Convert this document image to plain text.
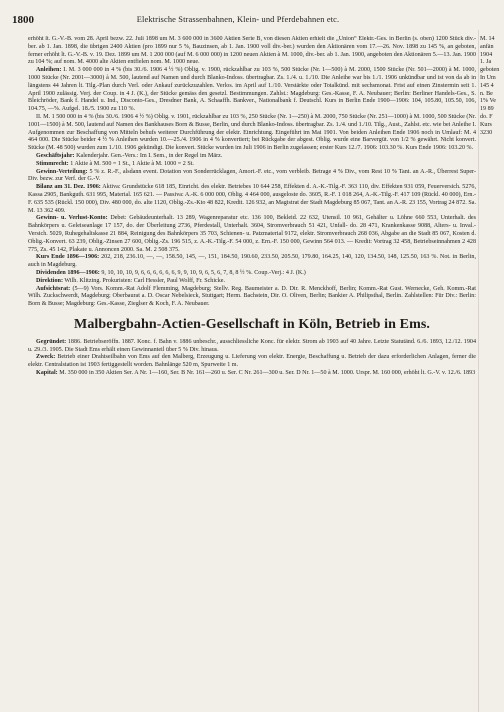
1800	Elektrische Strassenbahnen, Klein- und Pferdebahnen etc.

erhöht lt. G.-V.-B. vom 28. April bezw. 22. Juli 1898 um M. 3 600 000 in 3600 Aktien Serie B, von diesen Aktien erhielt die „Union“ Elektr.-Ges. in Berlin (s. oben) 1200 Stück div.-ber. ab 1. Jan. 1898, die übrigen 2400 Aktien (pro 1899 nur 5 %, Bauzinsen, ab 1. Jan. 1900 voll div.-ber.) wurden den Aktionären vom 17.—26. Nov. 1898 zu 145 %, an geboten, ferner erhöht lt. G.-V.-B. v. 19. Dez. 1899 um M. 1 200 000 (auf M. 6 000 000) in 1200 neuen Aktien à M. 1000, div.-ber. ab 1. Jan. 1900, angeboten den Aktionären 5.—13. Jan. 1900 zu 104 %; auf nom. M. 4000 alte Aktien entfielen nom. M. 1000 neue.

Anleihen: I. M. 3 000 000 in 4 % (bis 30./6. 1906 4 ½ %) Oblig. v. 1900, rückzahlbar zu 103 %, 500 Stücke (Nr. 1—500) à M. 2000, 1500 Stücke (Nr. 501—2000) à M. 1000, 1000 Stücke (Nr. 2001—3000) à M. 500, lautend auf Namen und durch Blanko-Indoss. übertragbar. Zs. 1./4. u. 1./10. Die Anleihe war bis 1./1. 1906 unkündbar und ist von da ab in längstens 44 Jahren lt. Tilg.-Plan durch Verl. oder Ankauf zurückzuzahlen. Verlos. im April auf 1./10. Verstärkte oder Totalkünd. mit sechsmonat. Frist auf einen Zinstermin seit 1. April 1900 zulässig. Verj. der Coup. in 4 J. (K.), der Stücke gemäss den gesetzl. Bestimmungen. Zahlst.: Magdeburg: Ges.-Kasse, F. A. Neubauer; Berlin: Berliner Handels-Ges., S. Bleichröder, Bank f. Handel u. Ind., Disconto-Ges., Dresdner Bank, A. Schaaffh. Bankver., Nationalbank f. Deutschl. Kurs in Berlin Ende 1900—1906: 104, 105.80, 105.50, 106, 104.75, —%. Aufgel. 18./5. 1900 zu 110 %.

II. M. 1 500 000 in 4 % (bis 30./6. 1906 4 ½ %) Oblig. v. 1901, rückzahlbar zu 103 %, 250 Stücke (Nr. 1—250) à M. 2000, 750 Stücke (Nr. 251—1000) à M. 1000, 500 Stücke (Nr. 1001—1500) à M. 500, lautend auf Namen des Bankhauses Born & Busse, Berlin, und durch Blanko-Indoss. übertragbar. Zs. 1./4. und 1./10. Tilg., Aust., Zahlst. etc. wie bei Anleihe I. Aufgenommen zur Beschaffung von Mitteln behufs weiterer Durchführung der elektr. Einrichtung. Eingeführt im Mai 1901. Von beiden Anleihen Ende 1906 noch in Umlauf: M. 4 464 000. Die Stücke beider 4 ½ % Anleihen wurden 10.—25./4. 1906 in 4 % konvertiert; bei Rückgabe der abgest. Oblig. wurde eine Barvergüt. von 1/2 % gewährt. Nicht konvert. Stücke (M. 48 500) wurden zum 1./10. 1906 gekündigt. Die konvert. Stücke wurden im Juli 1906 in Berlin zugelassen; erster Kurs 12./7. 1906: 103.30 %. Kurs Ende 1906: 103.20 %.

Geschäftsjahr: Kalenderjahr. Gen.-Vers.: Im I. Sem., in der Regel im März.

Stimmrecht: 1 Aktie à M. 500 = 1 St., 1 Aktie à M. 1000 = 2 St.

Gewinn-Verteilung: 5 % z. R.-F., alsdann event. Dotation von Sonderrücklagen, Amort.-F. etc., vom verbleib. Betrage 4 % Div., vom Rest 10 % Tant. an A.-R., Überrest Super-Div. bezw. zur Verf. der G.-V.

Bilanz am 31. Dez. 1906: Aktiva: Grundstücke 618 185, Einricht. des elektr. Betriebes 10 644 258, Effekten d. A.-K.-Tilg.-F. 363 110, div. Effekten 931 059, Feuerversich. 5276, Kassa 2905, Bankguth. 631 995, Material. 165 621. — Passiva: A.-K. 6 000 000, Oblig. 4 464 000, ausgeloste do. 3605, R.-F. 1 018 264, A.-K.-Tilg.-F. 417 109 (Rückl. 40 000), Ern.-F. 635 535 (Rückl. 150 000), Div. 480 000, do. alte 1120, Oblig.-Zs.-Kto 48 822, Kredit. 126 932, an Magistrat der Stadt Magdeburg 85 067, Tant. an A.-R. 23 155, Vortrag 24 872. Sa. M. 13 362 409.

Gewinn- u. Verlust-Konto: Debet: Gebäudeunterhalt. 13 289, Wagenreparatur etc. 136 100, Bekleid. 22 632, Utensil. 10 961, Gehälter u. Löhne 660 553, Unterhalt. des Bahnkörpers u. Geleiseanlage 17 157, do. der Überleitung 2736, Pferdestall, Unterhalt. 3604, Stromverbrauch 51 421, Unfall- do. 28 471, Krankenkasse 9088, Alters- u. Inval.-Versich. 5029, Ruhegehaltskasse 21 884, Reinigung des Bahnkörpers 35 703, Schienen- u. Patzmaterial 9172, elektr. Stromverbrauch 268 036, Abgabe an die Stadt 85 067, Kosten d. Oblig.-Konvert. 63 239, Oblig.-Zinsen 27 600, Oblig.-Zs. 196 515, z. A.-K.-Tilg.-F. 54 000, z. Ern.-F. 150 000, Gewinn 564 013. — Kredit: Vortrag 32 458, Betriebseinnahmen 2 428 775, Zs. 45 142, Plakate u. Annoncen 2000. Sa. M. 2 508 375.

Kurs Ende 1896—1906: 202, 218, 236.10, —, —, 158.50, 145, —, 151, 184.50, 190.60, 233.50, 205.50, 179.80, 164.25, 140, 120, 134.50, 148, 125.50, 163 %. Not. in Berlin, auch in Magdeburg.

Dividenden 1896—1906: 9, 10, 10, 10, 9, 6, 6, 6, 6, 6, 6, 9, 9, 10, 9, 6, 5, 6, 7, 8, 8 ½ %. Coup.-Verj.: 4 J. (K.)

Direktion: Wilh. Klitzing. Prokuristen: Carl Hessler, Paul Wolff, Fr. Schicke.

Aufsichtsrat: (5—9) Vors. Komm.-Rat Adolf Flemming, Magdeburg; Stellv. Reg. Baumeister a. D. Dir. R. Menckhoff, Berlin; Komm.-Rat Gust. Wernecke, Geh. Komm.-Rat Wilh. Zuckschwerdt, Magdeburg; Oberbaurat a. D. Oscar Nebelsieck, Stuttgart; Herm. Bachstein, Dir. O. Oliven, Berlin; Bankier A. Philipsthal, Berlin. Zahlstellen: Für Div.: Berlin: Born & Busse; Magdeburg: Ges.-Kasse, Zieglser & Koch, F. A. Neubauer.

Malbergbahn-Actien-Gesellschaft in Köln, Betrieb in Ems.

Gegründet: 1886. Betriebseröffn. 1887. Konc. f. Bahn v. 1886 unbeschr., ausschliessliche Konc. für elektr. Strom ab 1903 auf 40 Jahre. Letzte Statutänd. 6./6. 1893, 12./12. 1904 u. 29./3. 1905. Die Stadt Ems erhält einen Gewinnanteil über 5 % Div. hinaus.

Zweck: Betrieb einer Drahtseilbahn von Ems auf den Malberg, Erzeugung u. Lieferung von elektr. Energie, Beschaffung u. Betrieb der dazu erforderlichen Anlagen, ferner die elektr. Centralstation ist 1903 fertiggestellt worden. Bahnlänge 520 m, Spurweite 1 m.

Kapital: M. 350 000 in 350 Aktien Ser. A Nr. 1—160, Ser. B Nr. 161—260 u. Ser. C Nr. 261—300 u. Ser. D Nr. 1—50 à M. 1000. Urspr. M. 160 000, erhöht lt. G.-V. v. 12./6. 1893

M. 14
anfän
1904
1. Ja
geboten
In Um
145 4
n. Be
1% Ve
19 89
do. F
Kurs
3230
